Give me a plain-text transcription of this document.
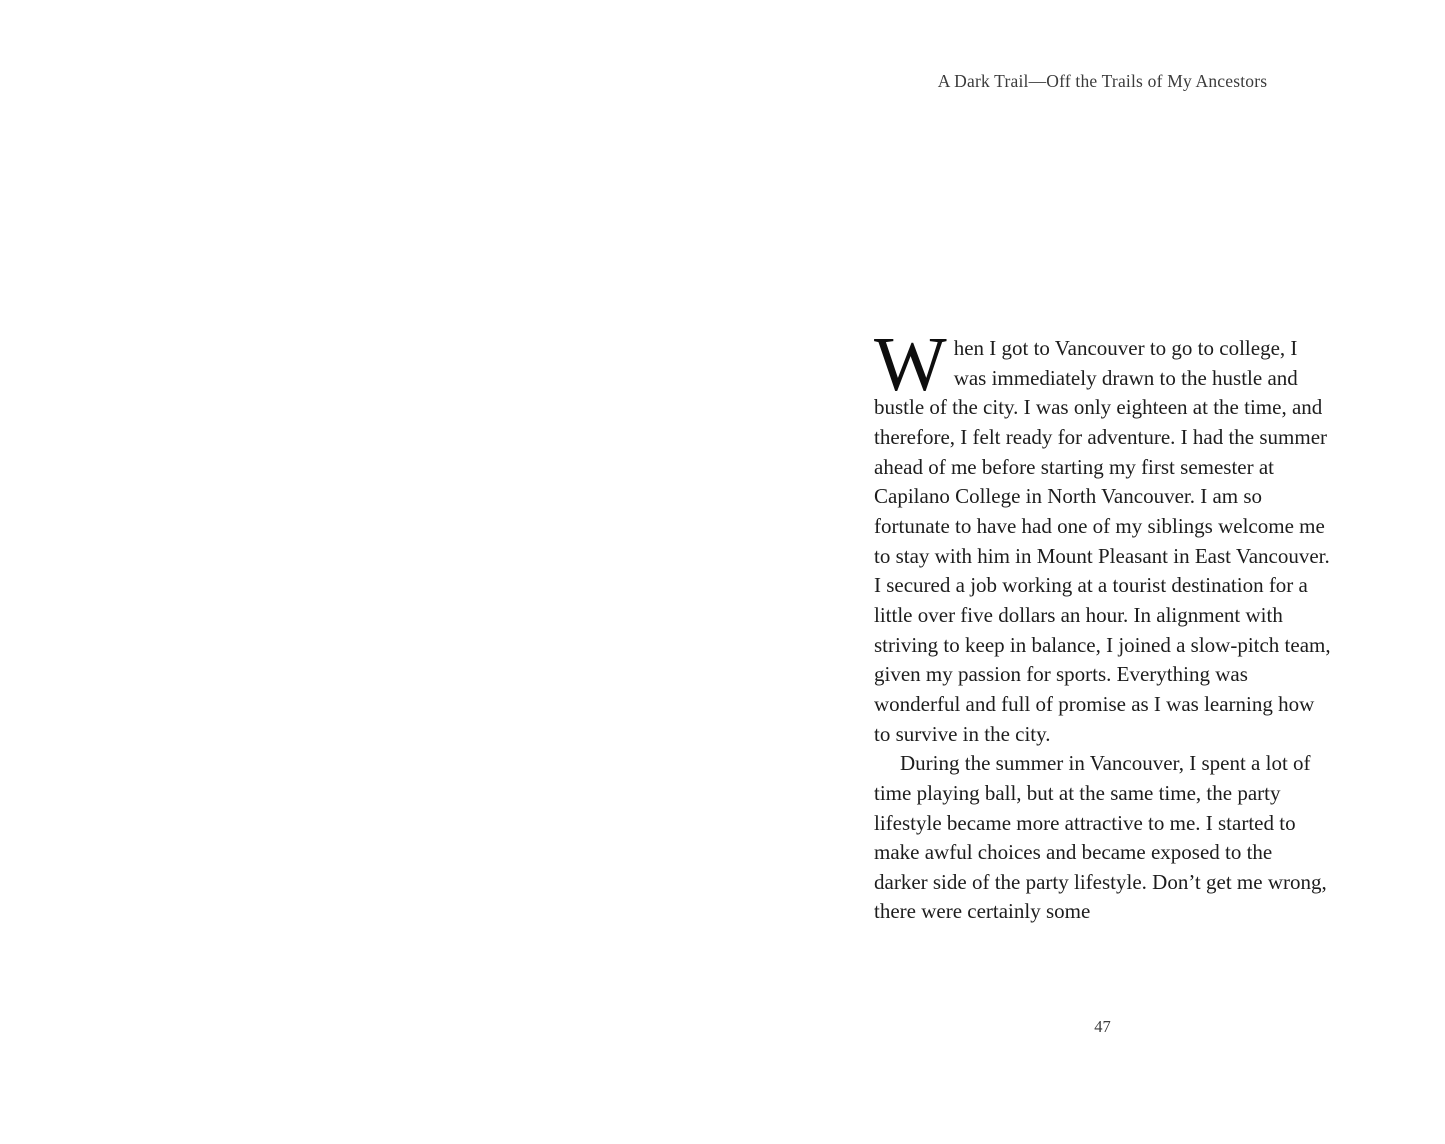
A Dark Trail—Off the Trails of My Ancestors

When I got to Vancouver to go to college, I was immediately drawn to the hustle and bustle of the city. I was only eighteen at the time, and therefore, I felt ready for adventure. I had the summer ahead of me before starting my first semester at Capilano College in North Vancouver. I am so fortunate to have had one of my siblings welcome me to stay with him in Mount Pleasant in East Vancouver. I secured a job working at a tourist destination for a little over five dollars an hour. In alignment with striving to keep in balance, I joined a slow-pitch team, given my passion for sports. Everything was wonderful and full of promise as I was learning how to survive in the city.

During the summer in Vancouver, I spent a lot of time playing ball, but at the same time, the party lifestyle became more attractive to me. I started to make awful choices and became exposed to the darker side of the party lifestyle. Don’t get me wrong, there were certainly some

47
